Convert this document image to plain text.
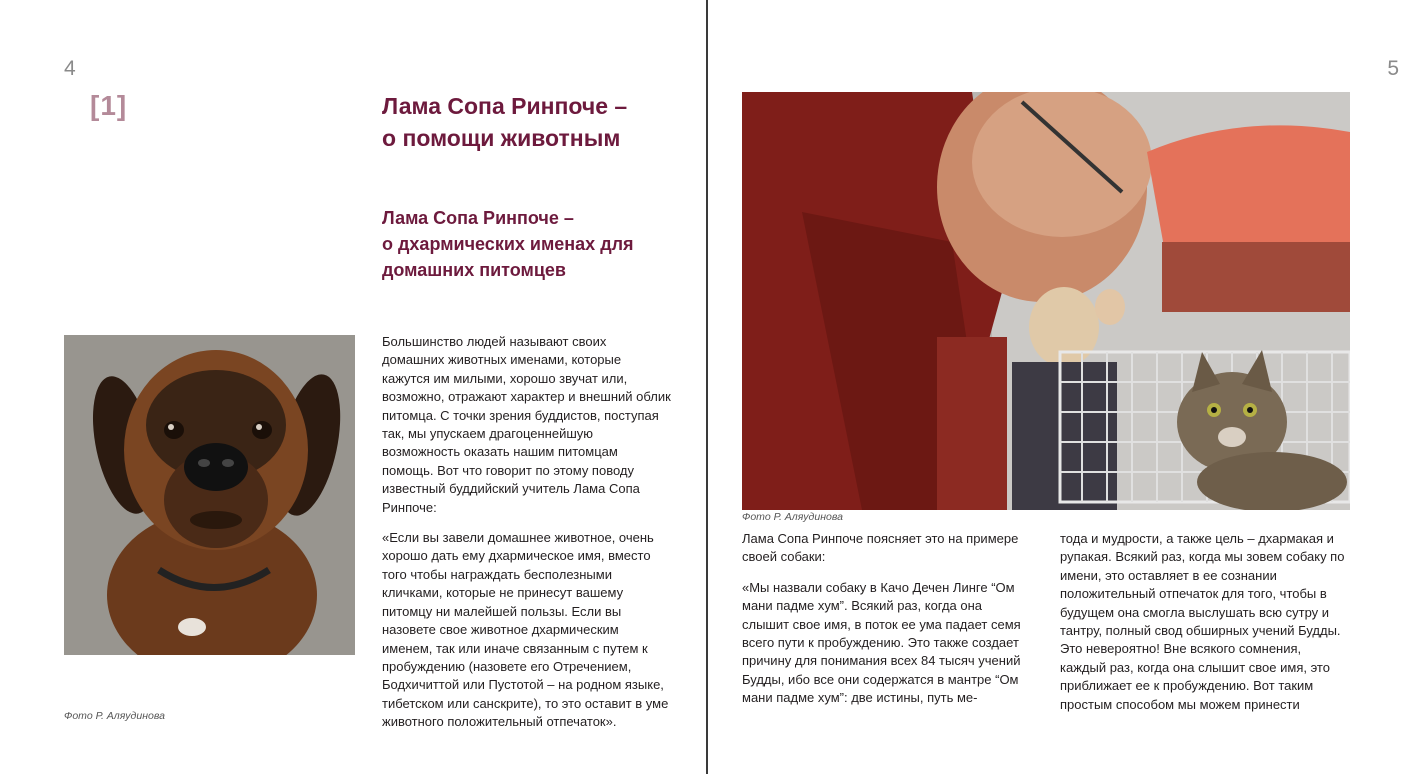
4
[1]	Лама Сопа Ринпоче –
о помощи животным
Лама Сопа Ринпоче –
о дхармических именах для
домашних питомцев
Фото Р. Аляудинова

Большинство людей называют своих домашних животных именами, которые кажутся им милыми, хорошо звучат или, возможно, отражают характер и внешний облик питомца. С точки зрения буддистов, поступая так, мы упускаем драгоценнейшую возможность оказать нашим питомцам помощь. Вот что говорит по этому поводу известный буддийский учитель Лама Сопа Ринпоче:

«Если вы завели домашнее животное, очень хорошо дать ему дхармическое имя, вместо того чтобы награждать бесполезными кличками, которые не принесут вашему питомцу ни малейшей пользы. Если вы назовете свое животное дхармическим именем, так или иначе связанным с путем к пробуждению (назовете его Отречением, Бодхичиттой или Пустотой – на родном языке, тибетском или санскрите), то это оставит в уме животного положительный отпечаток».

5
Фото Р. Аляудинова

Лама Сопа Ринпоче поясняет это на примере своей собаки:

«Мы назвали собаку в Качо Дечен Линге “Ом мани падме хум”. Всякий раз, когда она слышит свое имя, в поток ее ума падает семя всего пути к пробуждению. Это также создает причину для понимания всех 84 тысяч учений Будды, ибо все они содержатся в мантре “Ом мани падме хум”: две истины, путь ме-

тода и мудрости, а также цель – дхармакая и рупакая. Всякий раз, когда мы зовем собаку по имени, это оставляет в ее сознании положительный отпечаток для того, чтобы в будущем она смогла выслушать всю сутру и тантру, полный свод обширных учений Будды. Это невероятно! Вне всякого сомнения, каждый раз, когда она слышит свое имя, это приближает ее к пробуждению. Вот таким простым способом мы можем принести
